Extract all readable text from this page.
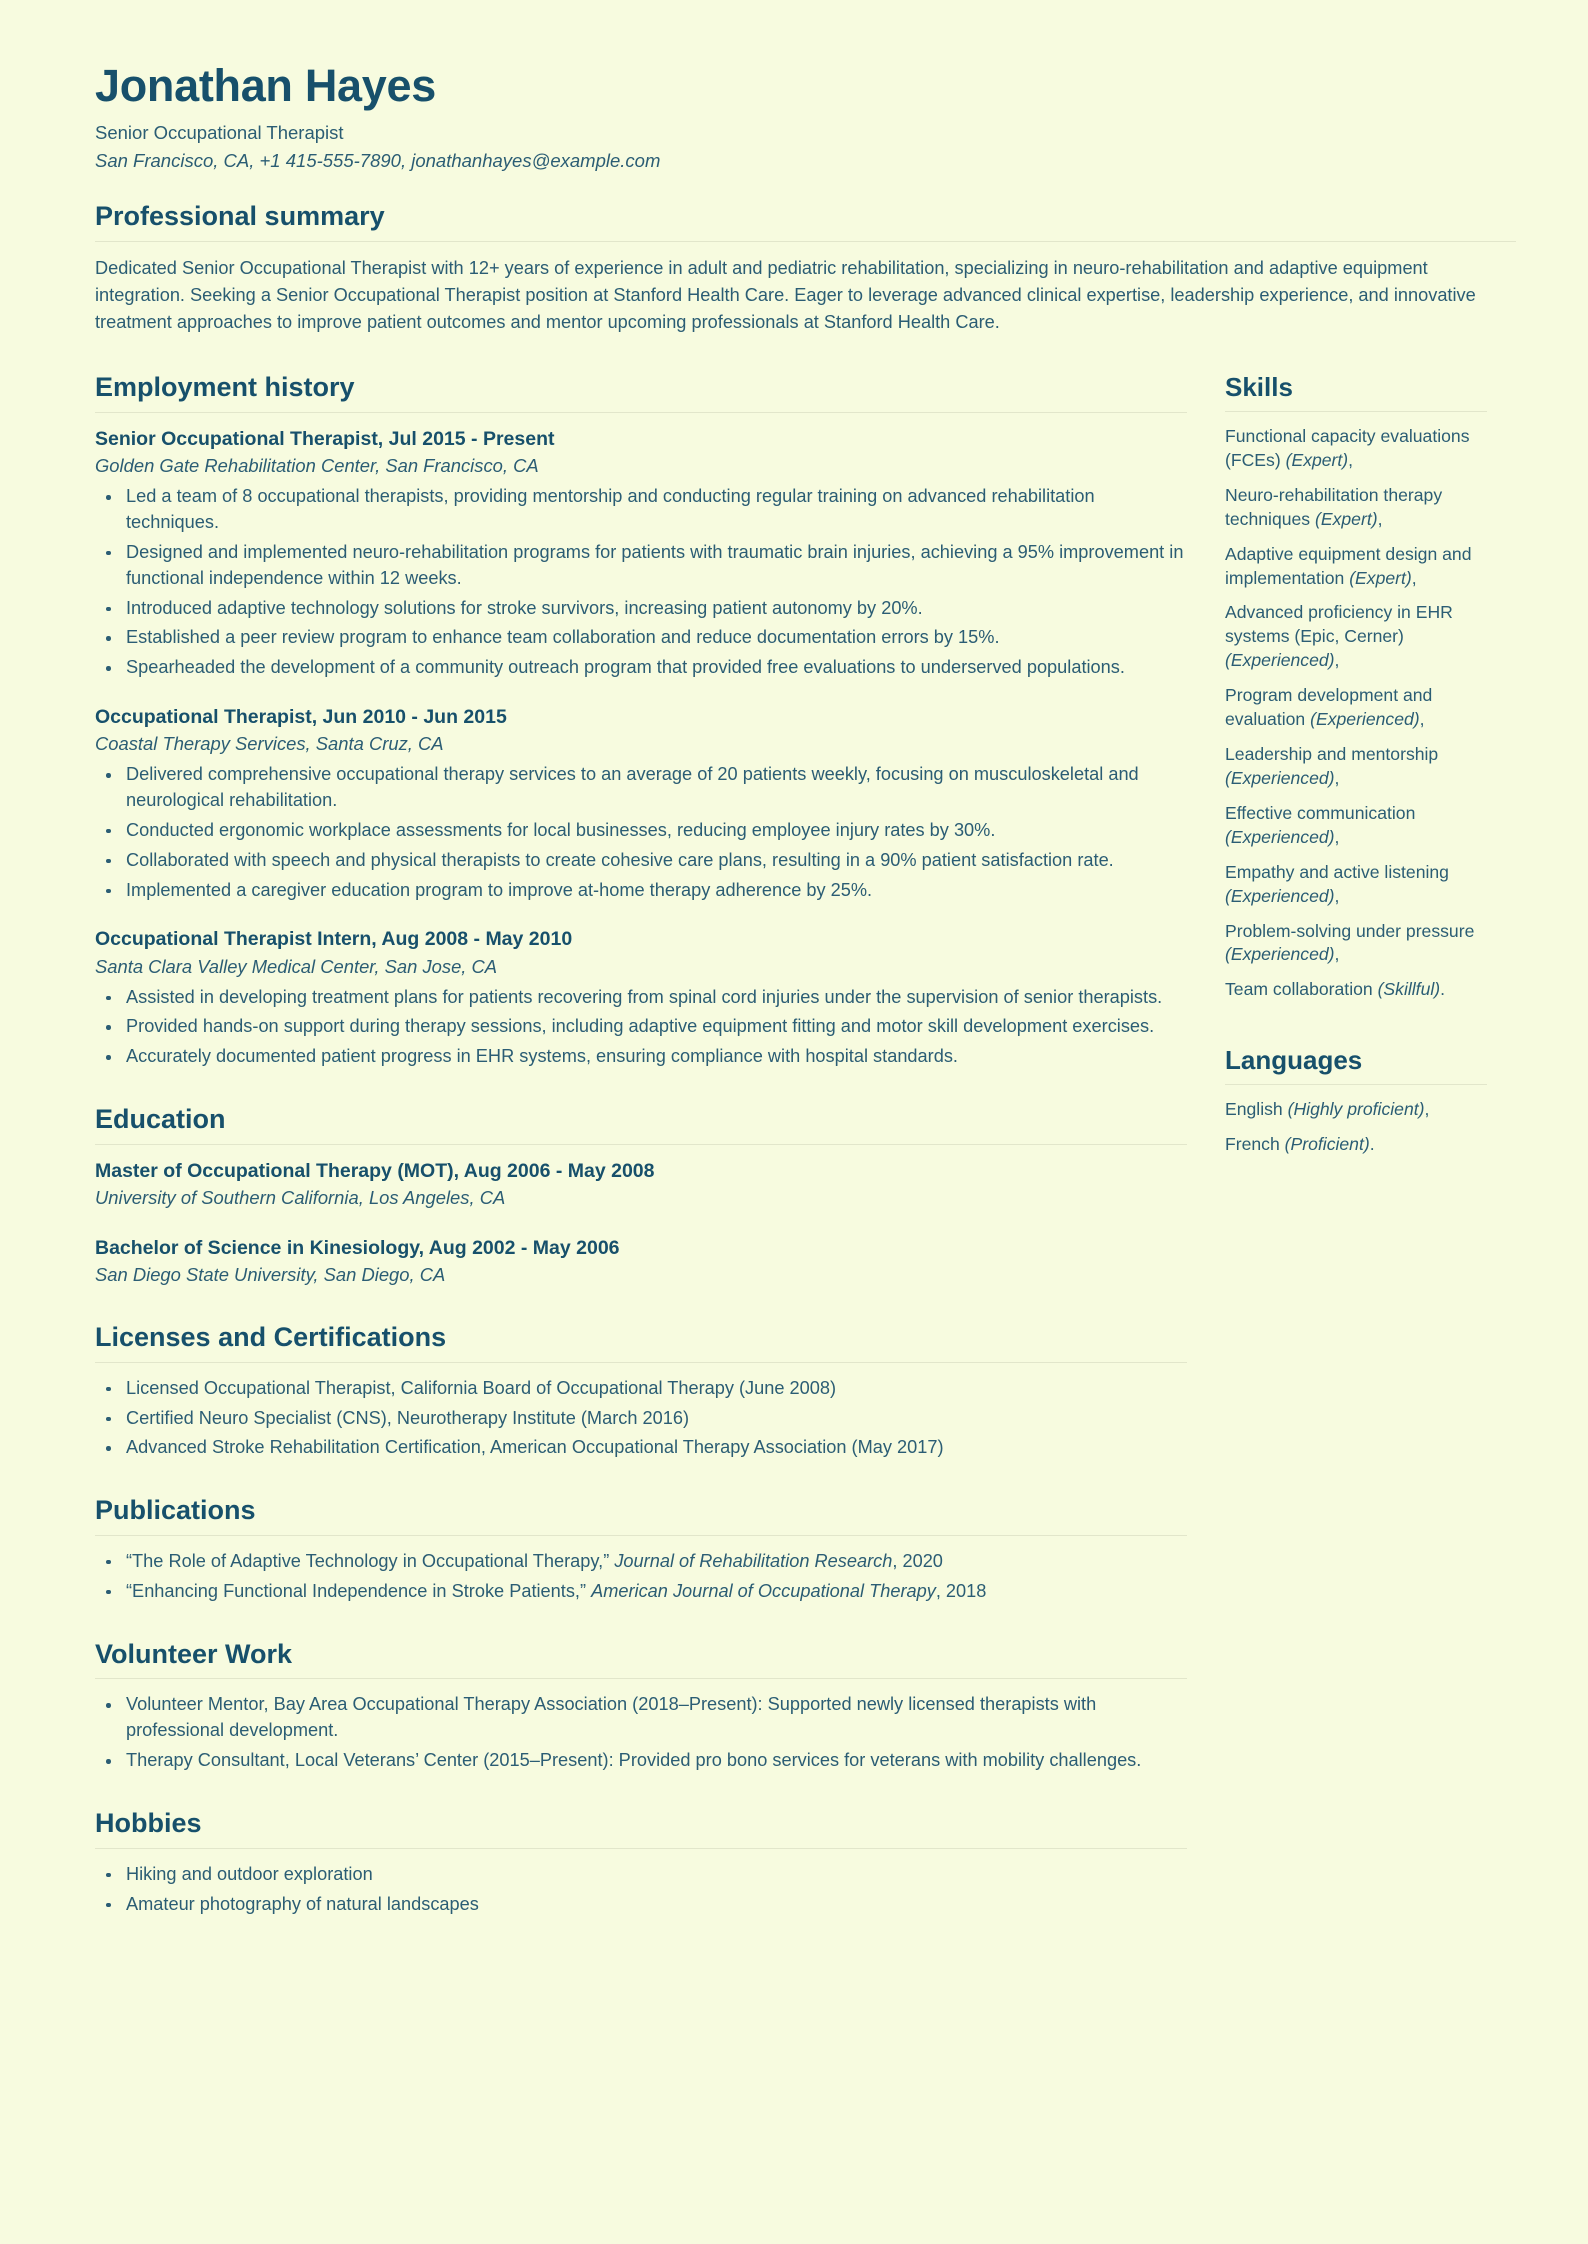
Jonathan Hayes
Senior Occupational Therapist
San Francisco, CA, +1 415-555-7890, jonathanhayes@example.com
Professional summary

Dedicated Senior Occupational Therapist with 12+ years of experience in adult and pediatric rehabilitation, specializing in neuro-rehabilitation and adaptive equipment integration. Seeking a Senior Occupational Therapist position at Stanford Health Care. Eager to leverage advanced clinical expertise, leadership experience, and innovative treatment approaches to improve patient outcomes and mentor upcoming professionals at Stanford Health Care.

Employment history
Senior Occupational Therapist, Jul 2015 - Present
Golden Gate Rehabilitation Center, San Francisco, CA
Led a team of 8 occupational therapists, providing mentorship and conducting regular training on advanced rehabilitation techniques.
Designed and implemented neuro-rehabilitation programs for patients with traumatic brain injuries, achieving a 95% improvement in functional independence within 12 weeks.
Introduced adaptive technology solutions for stroke survivors, increasing patient autonomy by 20%.
Established a peer review program to enhance team collaboration and reduce documentation errors by 15%.
Spearheaded the development of a community outreach program that provided free evaluations to underserved populations.
Occupational Therapist, Jun 2010 - Jun 2015
Coastal Therapy Services, Santa Cruz, CA
Delivered comprehensive occupational therapy services to an average of 20 patients weekly, focusing on musculoskeletal and neurological rehabilitation.
Conducted ergonomic workplace assessments for local businesses, reducing employee injury rates by 30%.
Collaborated with speech and physical therapists to create cohesive care plans, resulting in a 90% patient satisfaction rate.
Implemented a caregiver education program to improve at-home therapy adherence by 25%.
Occupational Therapist Intern, Aug 2008 - May 2010
Santa Clara Valley Medical Center, San Jose, CA
Assisted in developing treatment plans for patients recovering from spinal cord injuries under the supervision of senior therapists.
Provided hands-on support during therapy sessions, including adaptive equipment fitting and motor skill development exercises.
Accurately documented patient progress in EHR systems, ensuring compliance with hospital standards.
Education
Master of Occupational Therapy (MOT), Aug 2006 - May 2008
University of Southern California, Los Angeles, CA
Bachelor of Science in Kinesiology, Aug 2002 - May 2006
San Diego State University, San Diego, CA
Licenses and Certifications
Licensed Occupational Therapist, California Board of Occupational Therapy (June 2008)
Certified Neuro Specialist (CNS), Neurotherapy Institute (March 2016)
Advanced Stroke Rehabilitation Certification, American Occupational Therapy Association (May 2017)
Publications
“The Role of Adaptive Technology in Occupational Therapy,” Journal of Rehabilitation Research, 2020
“Enhancing Functional Independence in Stroke Patients,” American Journal of Occupational Therapy, 2018
Volunteer Work
Volunteer Mentor, Bay Area Occupational Therapy Association (2018–Present): Supported newly licensed therapists with professional development.
Therapy Consultant, Local Veterans’ Center (2015–Present): Provided pro bono services for veterans with mobility challenges.
Hobbies
Hiking and outdoor exploration
Amateur photography of natural landscapes
Skills
Functional capacity evaluations (FCEs) (Expert),
Neuro-rehabilitation therapy techniques (Expert),
Adaptive equipment design and implementation (Expert),
Advanced proficiency in EHR systems (Epic, Cerner) (Experienced),
Program development and evaluation (Experienced),
Leadership and mentorship (Experienced),
Effective communication (Experienced),
Empathy and active listening (Experienced),
Problem-solving under pressure (Experienced),
Team collaboration (Skillful).
Languages
English (Highly proficient),
French (Proficient).
